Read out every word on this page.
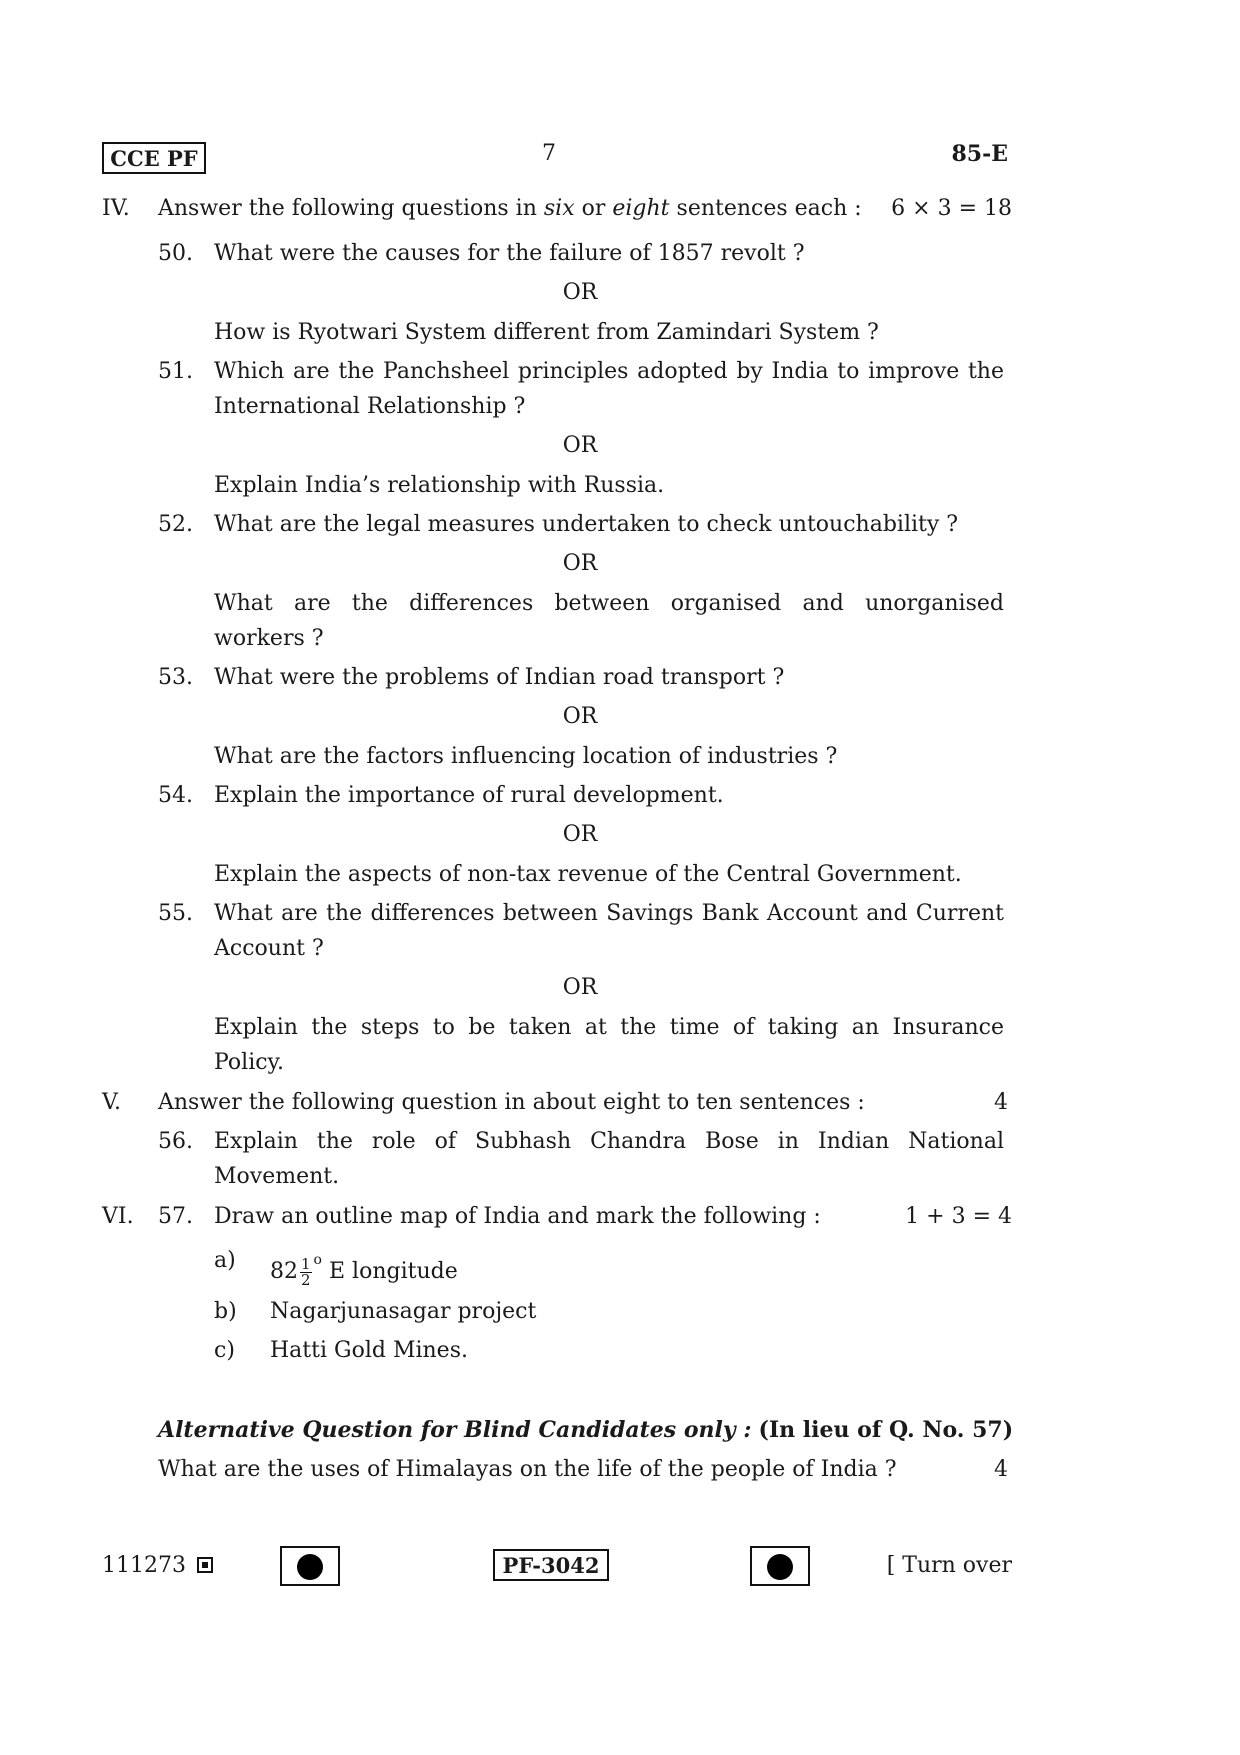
CCE PF	7	85-E
IV. Answer the following questions in six or eight sentences each : 6 × 3 = 18
50. What were the causes for the failure of 1857 revolt ?
OR
How is Ryotwari System different from Zamindari System ?
51. Which are the Panchsheel principles adopted by India to improve the
International Relationship ?
OR
Explain India’s relationship with Russia.
52. What are the legal measures undertaken to check untouchability ?
OR
What are the differences between organised and unorganised
workers ?
53. What were the problems of Indian road transport ?
OR
What are the factors influencing location of industries ?
54. Explain the importance of rural development.
OR
Explain the aspects of non-tax revenue of the Central Government.
55. What are the differences between Savings Bank Account and Current
Account ?
OR
Explain the steps to be taken at the time of taking an Insurance
Policy.
V. Answer the following question in about eight to ten sentences :	4
56. Explain the role of Subhash Chandra Bose in Indian National
Movement.
VI. 57. Draw an outline map of India and mark the following :	1 + 3 = 4
a) $82 \frac{1}{2} ^o$ E longitude
b) Nagarjunasagar project
c) Hatti Gold Mines.
Alternative Question for Blind Candidates only : (In lieu of Q. No. 57)
What are the uses of Himalayas on the life of the people of India ?	4
111273	PF-3042	[ Turn over
